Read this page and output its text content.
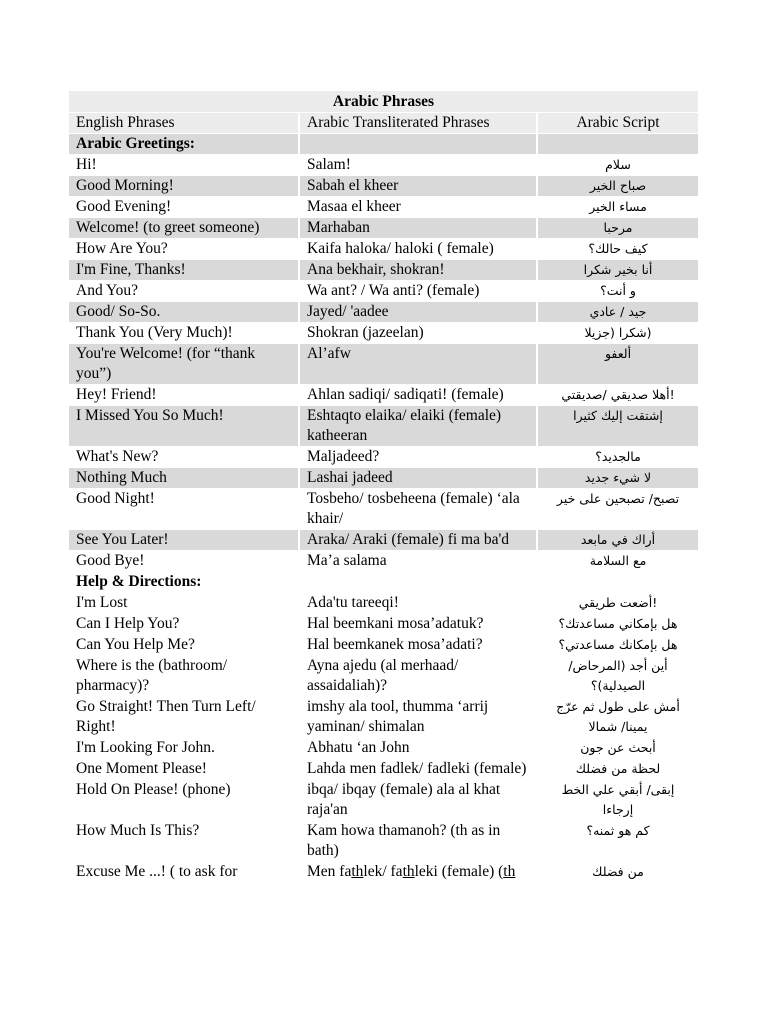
Arabic Phrases		
English Phrases	Arabic Transliterated Phrases	Arabic Script
Arabic Greetings:		
Hi!	Salam!	سلام
Good Morning!	Sabah el kheer	صباح الخير
Good Evening!	Masaa el kheer	مساء الخير
Welcome! (to greet someone)	Marhaban	مرحبا
How Are You?	Kaifa haloka/ haloki ( female)	كيف حالك؟
I'm Fine, Thanks!	Ana bekhair, shokran!	أنا بخير شكرا
And You?	Wa ant? / Wa anti? (female)	و أنت؟
Good/ So-So.	Jayed/ 'aadee	جيد / عادي
Thank You (Very Much)!	Shokran (jazeelan)	(شكرا (جزيلا
You're Welcome! (for “thank you”)	Al’afw	ألعفو
Hey! Friend!	Ahlan sadiqi/ sadiqati! (female)	!أهلا صديقي /صديقتي
I Missed You So Much!	Eshtaqto elaika/ elaiki (female) katheeran	إشتقت إليك كثيرا
What's New?	Maljadeed?	مالجديد؟
Nothing Much	Lashai jadeed	لا شيء جديد
Good Night!	Tosbeho/ tosbeheena (female) ‘ala khair/	تصبح/ تصبحين على خير
See You Later!	Araka/ Araki (female) fi ma ba'd	أراك في مابعد
Good Bye!	Ma’a salama	مع السلامة
Help & Directions:		
I'm Lost	Ada'tu tareeqi!	!أضعت طريقي
Can I Help You?	Hal beemkani mosa’adatuk?	هل بإمكاني مساعدتك؟
Can You Help Me?	Hal beemkanek mosa’adati?	هل بإمكانك مساعدتي؟
Where is the (bathroom/ pharmacy)?	Ayna ajedu (al merhaad/ assaidaliah)?	أين أجد (المرحاض/ الصيدلية)؟
Go Straight! Then Turn Left/ Right!	imshy ala tool, thumma ‘arrij yaminan/ shimalan	أمش على طول ثم عرّج يمينا/ شمالا
I'm Looking For John.	Abhatu ‘an John	أبحث عن جون
One Moment Please!	Lahda men fadlek/ fadleki (female)	لحظة من فضلك
Hold On Please! (phone)	ibqa/ ibqay (female) ala al khat raja'an	إبقى/ أبقي علي الخط إرجاءا
How Much Is This?	Kam howa thamanoh? (th as in bath)	كم هو ثمنه؟
Excuse Me ...! ( to ask for	Men fathlek/ fathleki (female) (th	من فضلك
